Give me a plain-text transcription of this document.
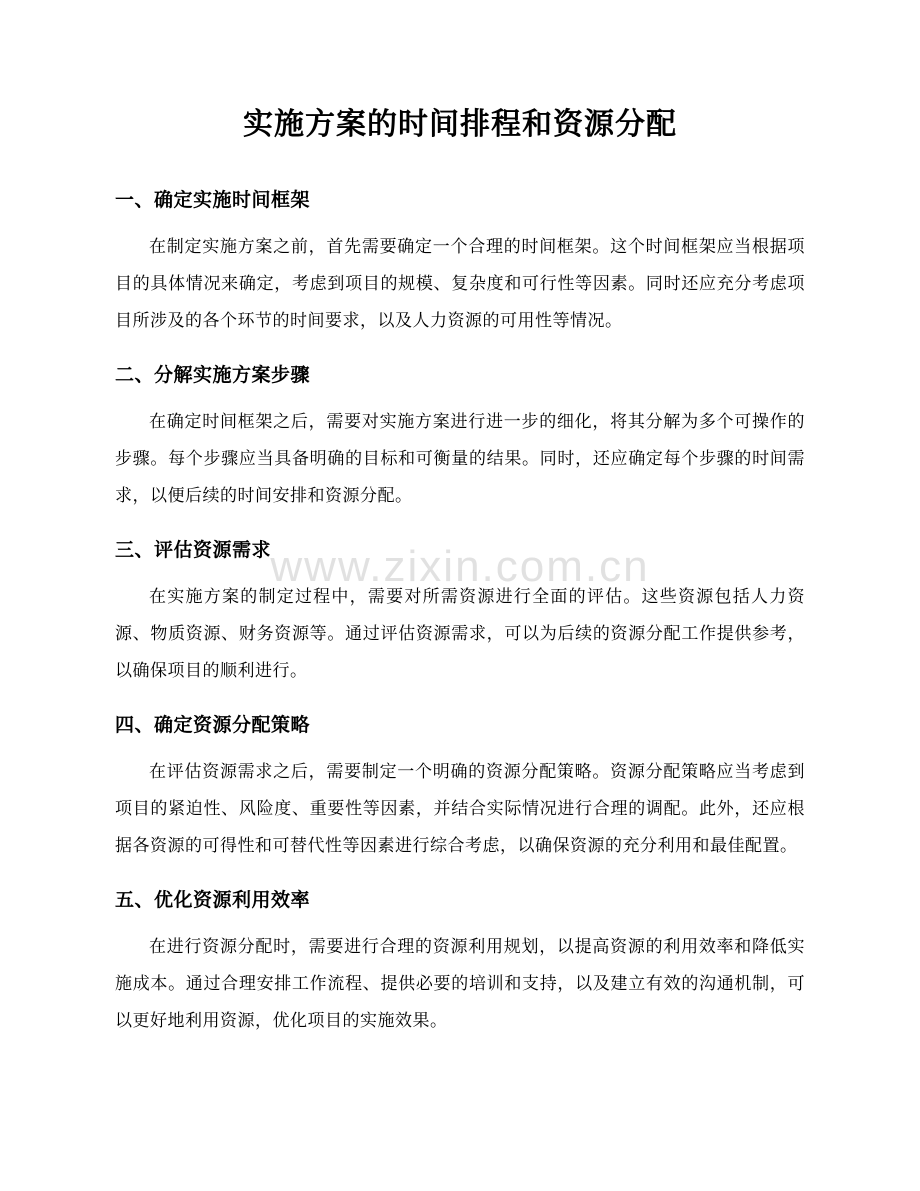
www.zixin.com.cn
实施方案的时间排程和资源分配
一、确定实施时间框架

在制定实施方案之前，首先需要确定一个合理的时间框架。这个时间框架应当根据项目的具体情况来确定，考虑到项目的规模、复杂度和可行性等因素。同时还应充分考虑项目所涉及的各个环节的时间要求，以及人力资源的可用性等情况。

二、分解实施方案步骤

在确定时间框架之后，需要对实施方案进行进一步的细化，将其分解为多个可操作的步骤。每个步骤应当具备明确的目标和可衡量的结果。同时，还应确定每个步骤的时间需求，以便后续的时间安排和资源分配。

三、评估资源需求

在实施方案的制定过程中，需要对所需资源进行全面的评估。这些资源包括人力资源、物质资源、财务资源等。通过评估资源需求，可以为后续的资源分配工作提供参考，以确保项目的顺利进行。

四、确定资源分配策略

在评估资源需求之后，需要制定一个明确的资源分配策略。资源分配策略应当考虑到项目的紧迫性、风险度、重要性等因素，并结合实际情况进行合理的调配。此外，还应根据各资源的可得性和可替代性等因素进行综合考虑，以确保资源的充分利用和最佳配置。

五、优化资源利用效率

在进行资源分配时，需要进行合理的资源利用规划，以提高资源的利用效率和降低实施成本。通过合理安排工作流程、提供必要的培训和支持，以及建立有效的沟通机制，可以更好地利用资源，优化项目的实施效果。
